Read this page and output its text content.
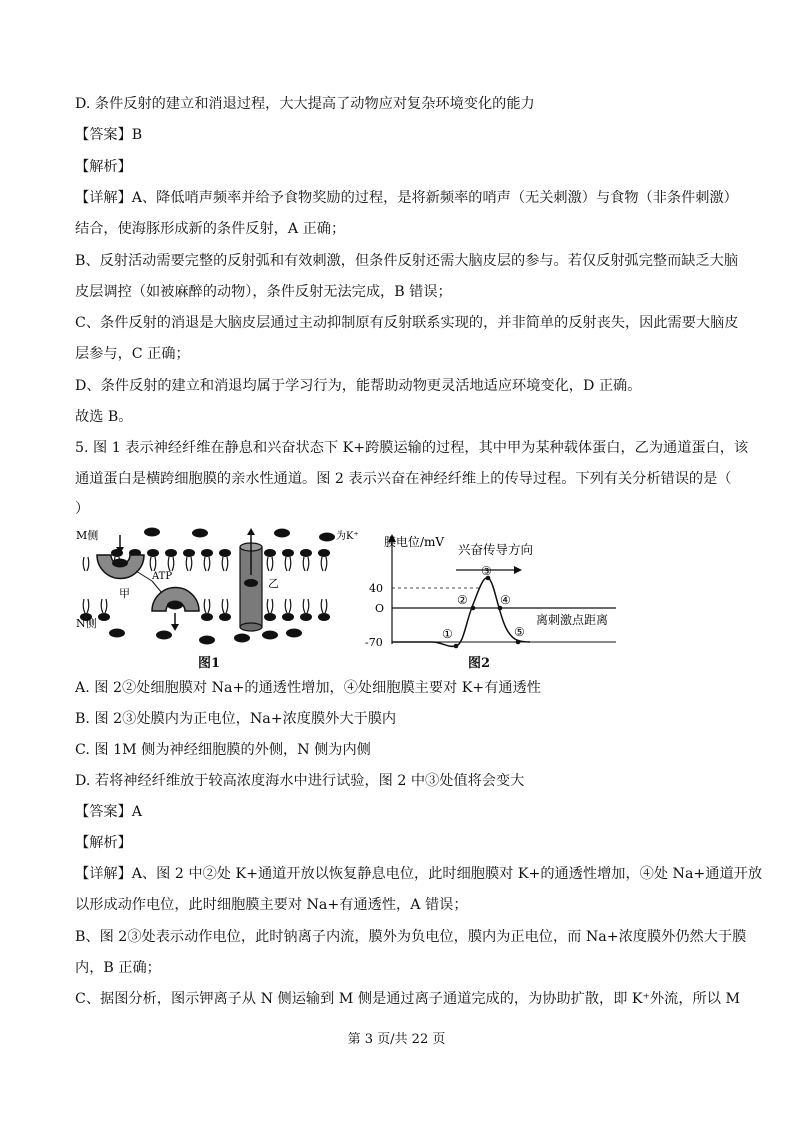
D. 条件反射的建立和消退过程，大大提高了动物应对复杂环境变化的能力
【答案】B
【解析】
【详解】A、降低哨声频率并给予食物奖励的过程，是将新频率的哨声（无关刺激）与食物（非条件刺激）
结合，使海豚形成新的条件反射，A 正确；
B、反射活动需要完整的反射弧和有效刺激，但条件反射还需大脑皮层的参与。若仅反射弧完整而缺乏大脑
皮层调控（如被麻醉的动物），条件反射无法完成，B 错误；
C、条件反射的消退是大脑皮层通过主动抑制原有反射联系实现的，并非简单的反射丧失，因此需要大脑皮
层参与，C 正确；
D、条件反射的建立和消退均属于学习行为，能帮助动物更灵活地适应环境变化，D 正确。
故选 B。
5. 图 1 表示神经纤维在静息和兴奋状态下 K+跨膜运输的过程，其中甲为某种载体蛋白，乙为通道蛋白，该
通道蛋白是横跨细胞膜的亲水性通道。图 2 表示兴奋在神经纤维上的传导过程。下列有关分析错误的是（
）
ATP
甲
乙
M侧
N侧
为K⁺
图1
膜电位/mV 兴奋传导方向
离刺激点距离
40
O
-70
①
②
③
④
⑤
图2
A. 图 2②处细胞膜对 Na+的通透性增加，④处细胞膜主要对 K+有通透性
B. 图 2③处膜内为正电位，Na+浓度膜外大于膜内
C. 图 1M 侧为神经细胞膜的外侧，N 侧为内侧
D. 若将神经纤维放于较高浓度海水中进行试验，图 2 中③处值将会变大
【答案】A
【解析】
【详解】A、图 2 中②处 K+通道开放以恢复静息电位，此时细胞膜对 K+的通透性增加，④处 Na+通道开放
以形成动作电位，此时细胞膜主要对 Na+有通透性，A 错误；
B、图 2③处表示动作电位，此时钠离子内流，膜外为负电位，膜内为正电位，而 Na+浓度膜外仍然大于膜
内，B 正确；
C、据图分析，图示钾离子从 N 侧运输到 M 侧是通过离子通道完成的，为协助扩散，即 K⁺外流，所以 M
第 3 页/共 22 页
